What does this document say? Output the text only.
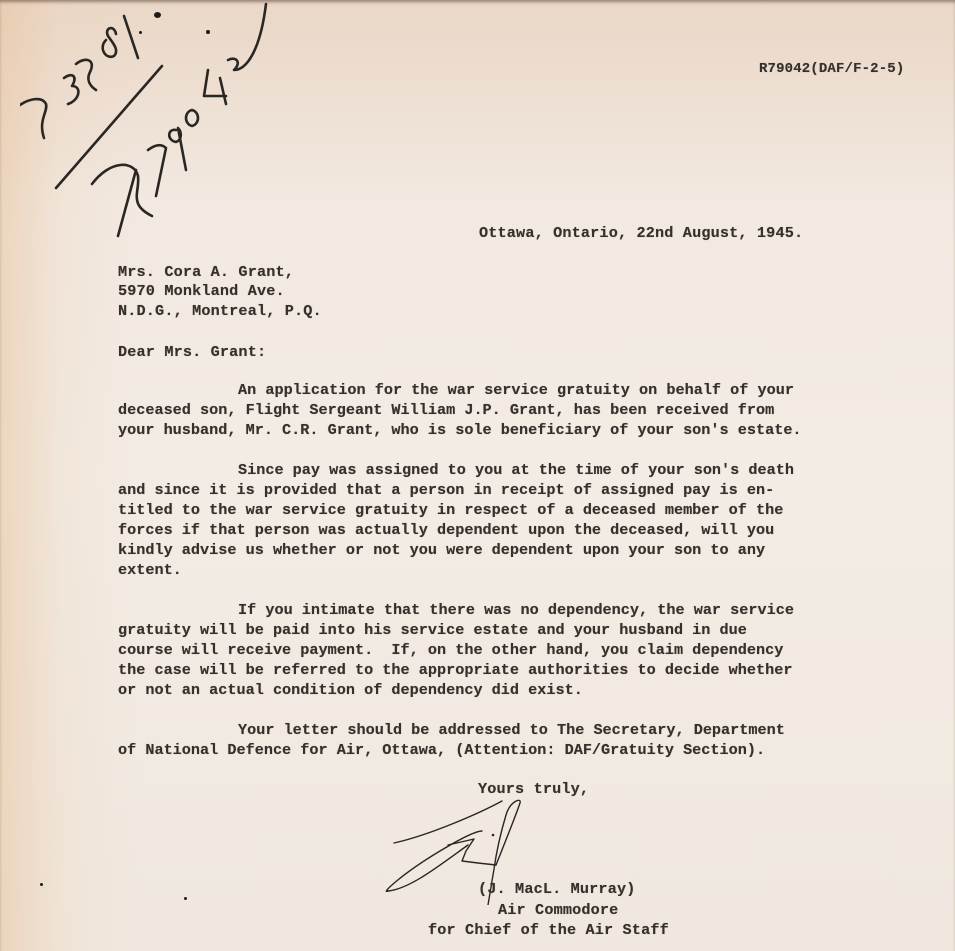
R79042(DAF/F-2-5)
Ottawa, Ontario, 22nd August, 1945.
Mrs. Cora A. Grant,
5970 Monkland Ave.
N.D.G., Montreal, P.Q.
Dear Mrs. Grant:
An application for the war service gratuity on behalf of your
deceased son, Flight Sergeant William J.P. Grant, has been received from
your husband, Mr. C.R. Grant, who is sole beneficiary of your son's estate.
Since pay was assigned to you at the time of your son's death
and since it is provided that a person in receipt of assigned pay is en-
titled to the war service gratuity in respect of a deceased member of the
forces if that person was actually dependent upon the deceased, will you
kindly advise us whether or not you were dependent upon your son to any
extent.
If you intimate that there was no dependency, the war service
gratuity will be paid into his service estate and your husband in due
course will receive payment.  If, on the other hand, you claim dependency
the case will be referred to the appropriate authorities to decide whether
or not an actual condition of dependency did exist.
Your letter should be addressed to The Secretary, Department
of National Defence for Air, Ottawa, (Attention: DAF/Gratuity Section).
Yours truly,
(J. MacL. Murray)
Air Commodore
for Chief of the Air Staff
